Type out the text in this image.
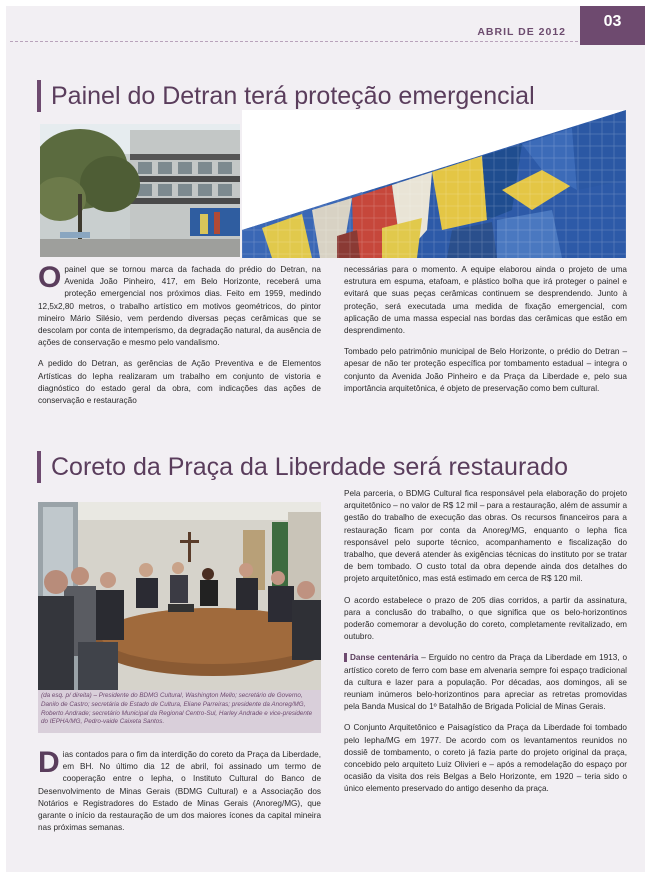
ABRIL DE 2012
03
Painel do Detran terá proteção emergencial

O painel que se tornou marca da fachada do prédio do Detran, na Avenida João Pinheiro, 417, em Belo Horizonte, receberá uma proteção emergencial nos próximos dias. Feito em 1959, medindo 12,5x2,80 metros, o trabalho artístico em motivos geométricos, do pintor mineiro Mário Silésio, vem perdendo diversas peças cerâmicas que se descolam por conta de intemperismo, da degradação natural, da ausência de ações de conservação e mesmo pelo vandalismo.

A pedido do Detran, as gerências de Ação Preventiva e de Elementos Artísticas do Iepha realizaram um trabalho em conjunto de vistoria e diagnóstico do estado geral da obra, com indicações das ações de conservação e restauração

necessárias para o momento. A equipe elaborou ainda o projeto de uma estrutura em espuma, etafoam, e plástico bolha que irá proteger o painel e evitará que suas peças cerâmicas continuem se desprendendo. Junto à proteção, será executada uma medida de fixação emergencial, com aplicação de uma massa especial nas bordas das cerâmicas que estão em desprendimento.

Tombado pelo patrimônio municipal de Belo Horizonte, o prédio do Detran – apesar de não ter proteção específica por tombamento estadual – integra o conjunto da Avenida João Pinheiro e da Praça da Liberdade e, pelo sua importância arquitetônica, é objeto de preservação como bem cultural.

Coreto da Praça da Liberdade será restaurado
(da esq. p/ direita) – Presidente do BDMG Cultural, Washington Mello; secretário de Governo, Danilo de Castro; secretária de Estado de Cultura, Eliane Parreiras; presidente da Anoreg/MG, Roberto Andrade; secretário Municipal da Regional Centro-Sul, Harley Andrade e vice-presidente do IEPHA/MG, Pedro-vaide Caixeta Santos.

Dias contados para o fim da interdição do coreto da Praça da Liberdade, em BH. No último dia 12 de abril, foi assinado um termo de cooperação entre o Iepha, o Instituto Cultural do Banco de Desenvolvimento de Minas Gerais (BDMG Cultural) e a Associação dos Notários e Registradores do Estado de Minas Gerais (Anoreg/MG), que garante o início da restauração de um dos maiores ícones da capital mineira nas próximas semanas.

Pela parceria, o BDMG Cultural fica responsável pela elaboração do projeto arquitetônico – no valor de R$ 12 mil – para a restauração, além de assumir a gestão do trabalho de execução das obras. Os recursos financeiros para a restauração ficam por conta da Anoreg/MG, enquanto o Iepha fica responsável pelo suporte técnico, acompanhamento e fiscalização do trabalho, que deverá atender às exigências técnicas do instituto por se tratar de bem tombado. O custo total da obra depende ainda dos detalhes do projeto arquitetônico, mas está estimado em cerca de R$ 120 mil.

O acordo estabelece o prazo de 205 dias corridos, a partir da assinatura, para a conclusão do trabalho, o que significa que os belo-horizontinos poderão comemorar a devolução do coreto, completamente revitalizado, em outubro.

Danse centenária – Erguido no centro da Praça da Liberdade em 1913, o artístico coreto de ferro com base em alvenaria sempre foi espaço tradicional da cultura e lazer para a população. Por décadas, aos domingos, ali se reuniam inúmeros belo-horizontinos para apreciar as retretas promovidas pela Banda Musical do 1º Batalhão de Brigada Policial de Minas Gerais.

O Conjunto Arquitetônico e Paisagístico da Praça da Liberdade foi tombado pelo Iepha/MG em 1977. De acordo com os levantamentos reunidos no dossiê de tombamento, o coreto já fazia parte do projeto original da praça, concebido pelo arquiteto Luiz Olivieri e – após a remodelação do espaço por ocasião da visita dos reis Belgas a Belo Horizonte, em 1920 – teria sido o único elemento preservado do antigo desenho da praça.
